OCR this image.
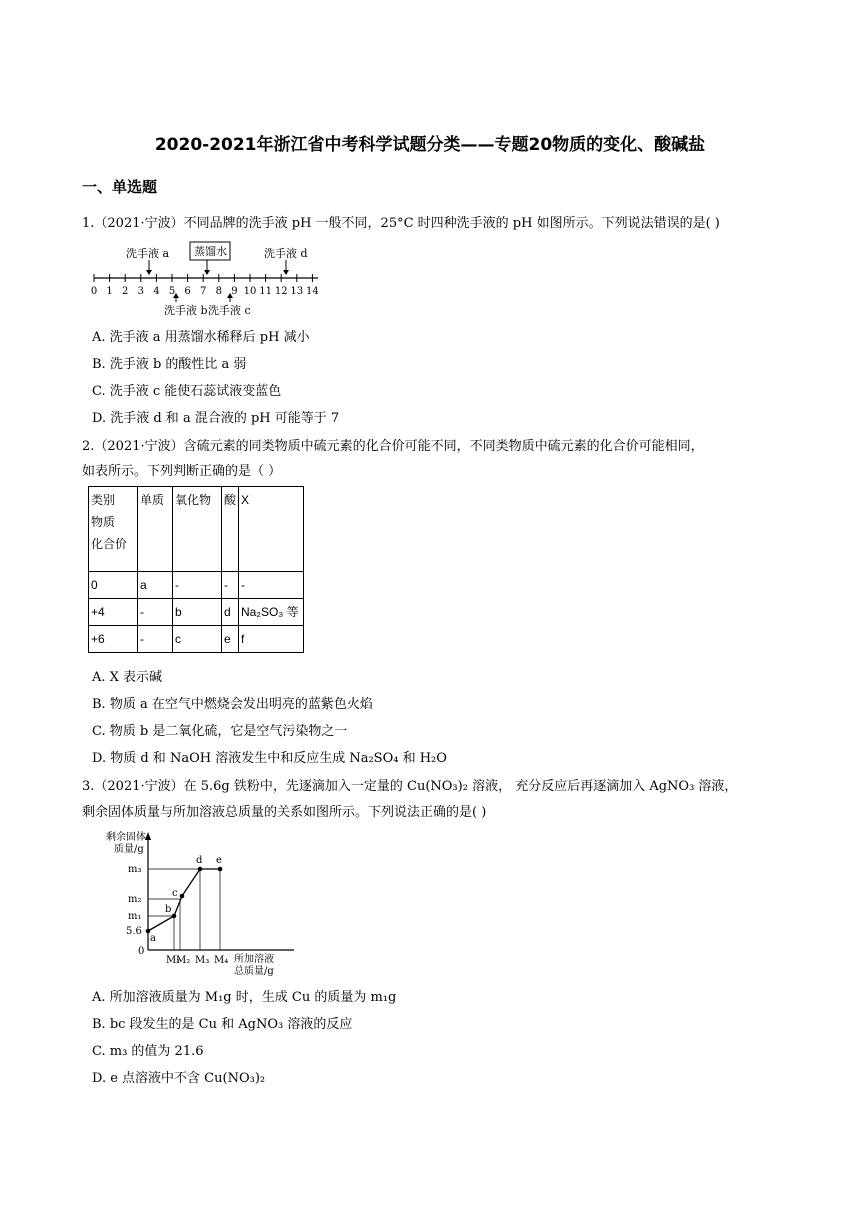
2020-2021年浙江省中考科学试题分类——专题20物质的变化、酸碱盐
一、单选题
1.（2021·宁波）不同品牌的洗手液 pH 一般不同，25°C 时四种洗手液的 pH 如图所示。下列说法错误的是( )
0 1 2 3 4 5 6 7 8 9 10 11 12 13 14
洗手液 a 蒸馏水	洗手液 d
洗手液 b 洗手液 c
A. 洗手液 a 用蒸馏水稀释后 pH 减小
B. 洗手液 b 的酸性比 a 弱
C. 洗手液 c 能使石蕊试液变蓝色
D. 洗手液 d 和 a 混合液的 pH 可能等于 7
2.（2021·宁波）含硫元素的同类物质中硫元素的化合价可能不同，不同类物质中硫元素的化合价可能相同，
如表所示。下列判断正确的是（ ）
类别
物质
化合价	单质	氧化物	酸	X
0	a	-	-	-
+4	-	b	d	Na₂SO₃ 等
+6	-	c	e	f
A. X 表示碱
B. 物质 a 在空气中燃烧会发出明亮的蓝紫色火焰
C. 物质 b 是二氧化硫，它是空气污染物之一
D. 物质 d 和 NaOH 溶液发生中和反应生成 Na₂SO₄ 和 H₂O
3.（2021·宁波）在 5.6g 铁粉中，先逐滴加入一定量的 Cu(NO₃)₂ 溶液， 充分反应后再逐滴加入 AgNO₃ 溶液，
剩余固体质量与所加溶液总质量的关系如图所示。下列说法正确的是( )
剩余固体
质量/g
m₃
m₂
m₁
5.6
0
a
b
c
d e
M₁
M₂ M₃ M₄ 所加溶液
总质量/g
A. 所加溶液质量为 M₁g 时，生成 Cu 的质量为 m₁g
B. bc 段发生的是 Cu 和 AgNO₃ 溶液的反应
C. m₃ 的值为 21.6
D. e 点溶液中不含 Cu(NO₃)₂
